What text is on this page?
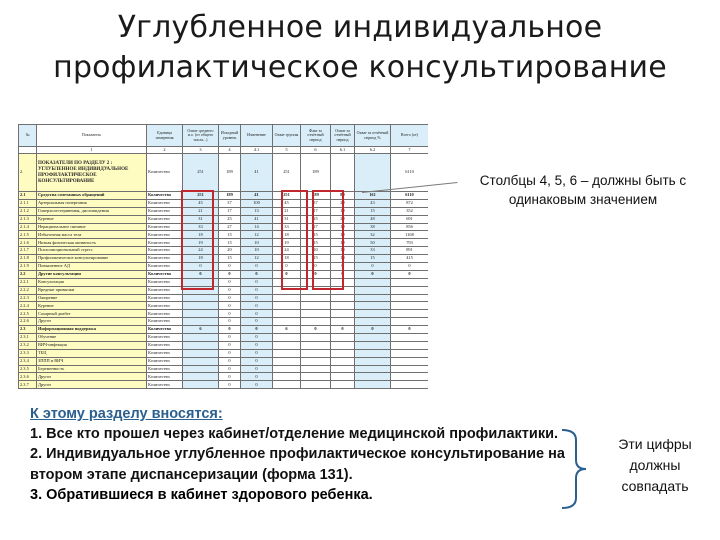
Углубленное индивидуальное
профилактическое консультирование
№	Показатель	Единица измерения	Охват среднего и.о. (от общего числа...)	Исходный уровень	Изменение	Охват группы	Факт за отчётный период	Охват за отчётный период	Охват за отчётный период %	Всего (от)
	1	2	3	4	4.1	5	6	6.1	6.2	7
2.	ПОКАЗАТЕЛИ ПО РАЗДЕЛУ 2 : УГЛУБЛЕННОЕ ИНДИВИДУАЛЬНОЕ ПРОФИЛАКТИЧЕСКОЕ КОНСУЛЬТИРОВАНИЕ	Количество	251	189	41	251	189			6110
2.1	Средства сочетанных обращений	Количество	251	189	41	251	189	80	161	6110
2.1.1	Артериальная гипертония	Количество	45	37	100	45	37	20	43	872
2.1.2	Гиперхолестеринемия, дислипидемия	Количество	21	17	13	21	17	10	15	352
2.1.3	Курение	Количество	31	25	41	31	25	20	48	691
2.1.4	Нерациональное питание	Количество	33	27	14	33	27	10	38	856
2.1.5	Избыточная масса тела	Количество	18	15	12	18	15	10	32	1168
2.1.6	Низкая физическая активность	Количество	19	15	10	19	15	10	50	793
2.1.7	Психоэмоциональный стресс	Количество	24	20	10	24	20	10	33	891
2.1.8	Профилактическое консультирование	Количество	18	15	12	18	15	10	15	415
2.1.9	Повышенное АД	Количество	0	0	0	0	0	0	0	0
2.2	Другие консультации	Количество	0	0	0	0	0	0	0	0
2.2.1	Консультация	Количество		0	0					
2.2.2	Вредные привычки	Количество		0	0					
2.2.3	Ожирение	Количество		0	0					
2.2.4	Курение	Количество		0	0					
2.2.5	Сахарный диабет	Количество		0	0					
2.2.6	Другое	Количество		0	0					
2.3	Информационная поддержка	Количество	6	0	0	6	0	0	0	0
2.3.1	Обучение	Количество		0	0					
2.3.2	ВИЧ-инфекция	Количество		0	0					
2.3.3	ТБЦ	Количество		0	0					
2.3.4	ЗППП и ВИЧ	Количество		0	0					
2.3.5	Беременность	Количество		0	0					
2.3.6	Другое	Количество		0	0					
2.3.7	Другое	Количество		0	0					
Столбцы 4, 5, 6 – должны быть с одинаковым значением

К этому разделу вносятся:

1. Все кто прошел через кабинет/отделение медицинской профилактики.

2. Индивидуальное углубленное профилактическое консультирование на втором этапе диспансеризации (форма 131).

3. Обратившиеся в кабинет здорового ребенка.

Эти цифры должны совпадать
